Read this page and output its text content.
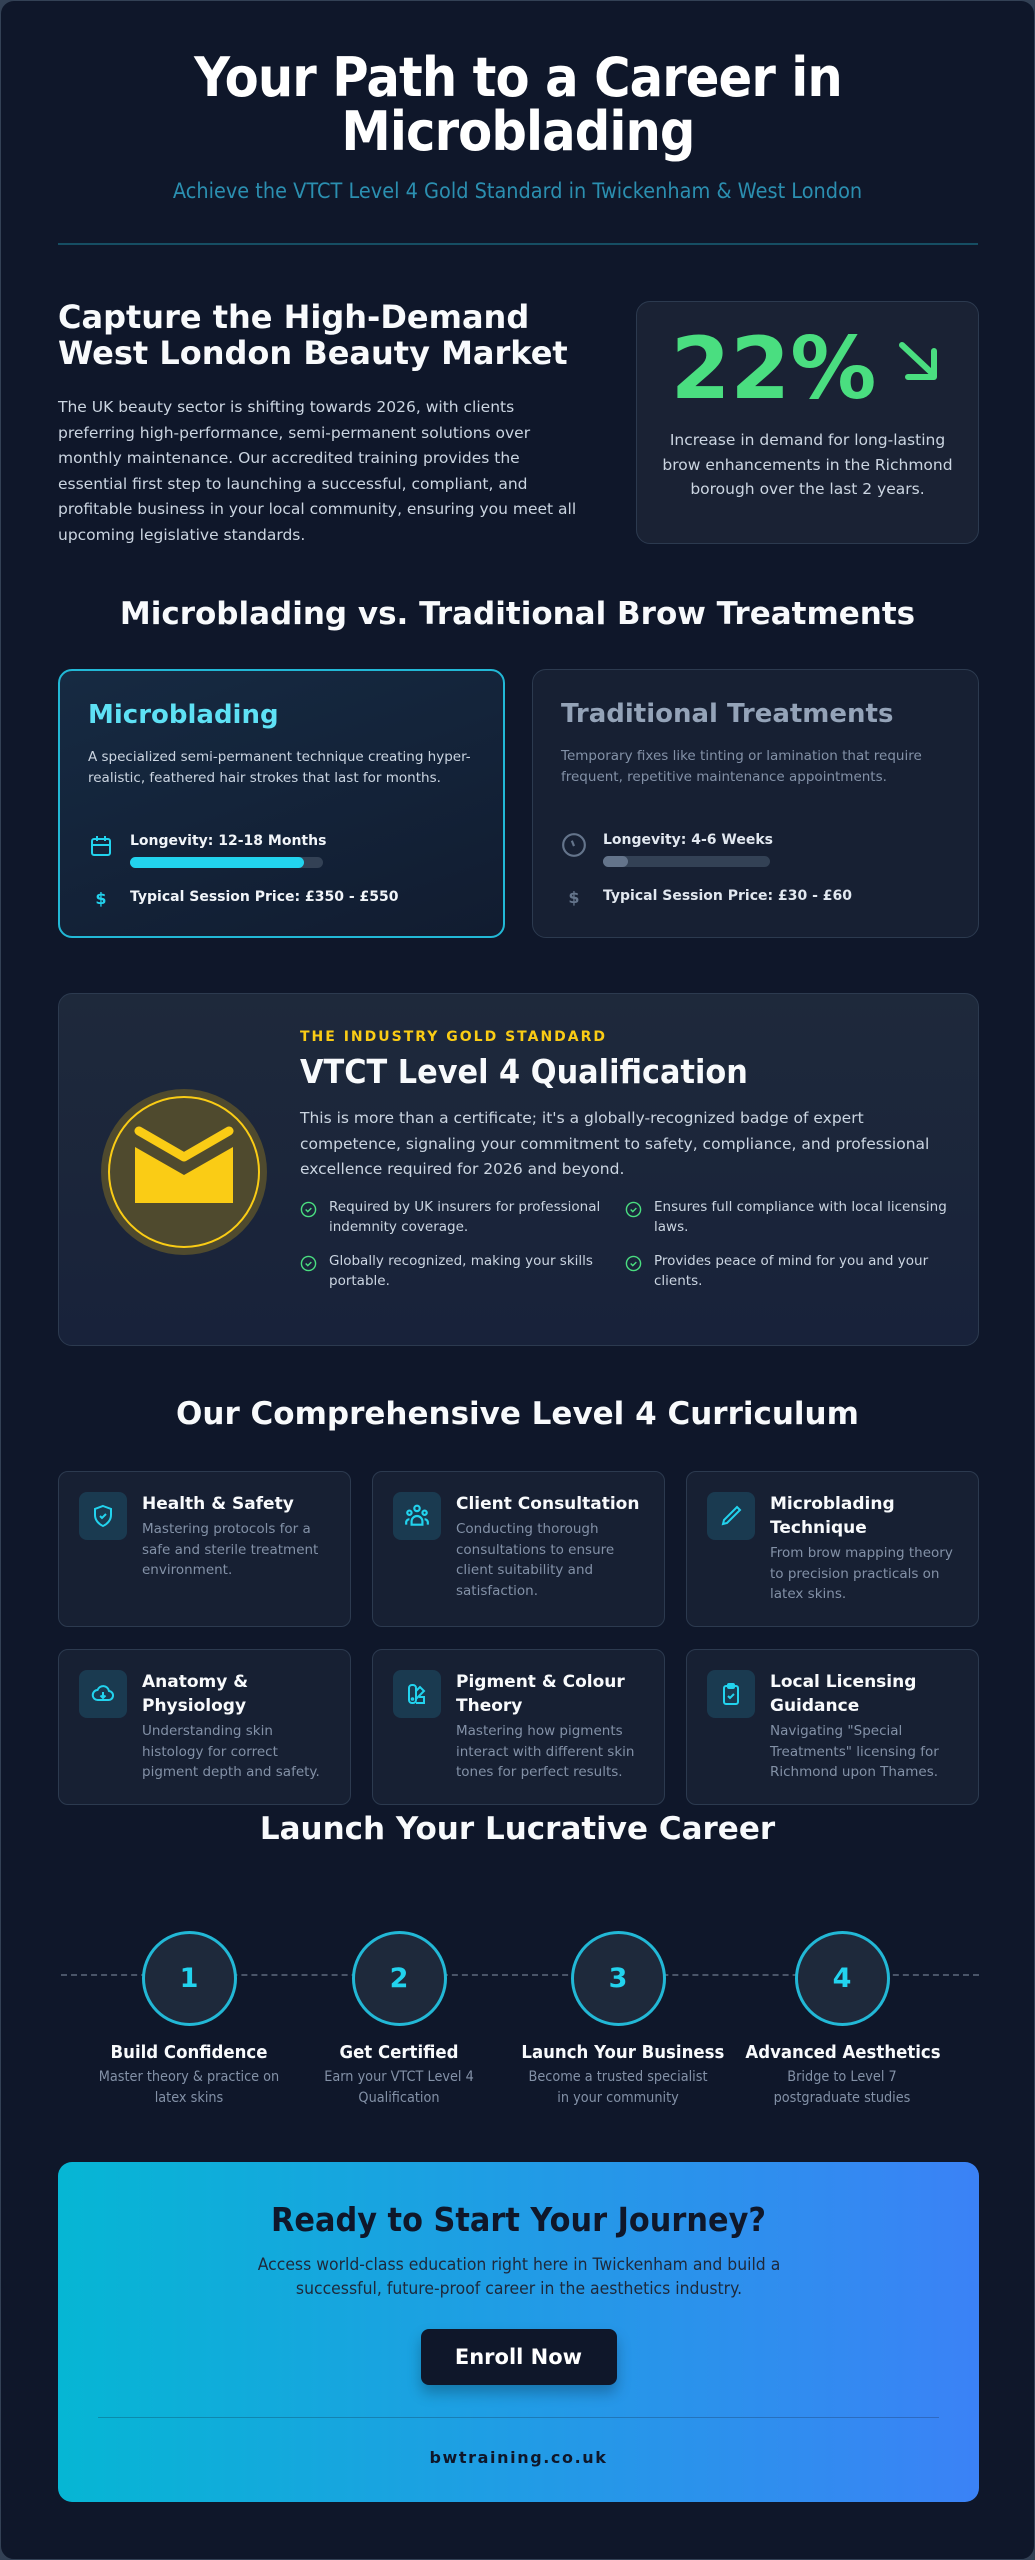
Your Path to a Career in Microblading
Achieve the VTCT Level 4 Gold Standard in Twickenham & West London
Capture the High-Demand West London Beauty Market

The UK beauty sector is shifting towards 2026, with clients preferring high-performance, semi-permanent solutions over monthly maintenance. Our accredited training provides the essential first step to launching a successful, compliant, and profitable business in your local community, ensuring you meet all upcoming legislative standards.

22%
Increase in demand for long-lasting brow enhancements in the Richmond borough over the last 2 years.
Microblading vs. Traditional Brow Treatments
Microblading
A specialized semi-permanent technique creating hyper-realistic, feathered hair strokes that last for months.
Longevity: 12-18 Months
$	Typical Session Price: £350 - £550
Traditional Treatments
Temporary fixes like tinting or lamination that require frequent, repetitive maintenance appointments.
Longevity: 4-6 Weeks
$	Typical Session Price: £30 - £60
THE INDUSTRY GOLD STANDARD
VTCT Level 4 Qualification

This is more than a certificate; it's a globally-recognized badge of expert competence, signaling your commitment to safety, compliance, and professional excellence required for 2026 and beyond.

Required by UK insurers for professional indemnity coverage.
Ensures full compliance with local licensing laws.
Globally recognized, making your skills portable.
Provides peace of mind for you and your clients.
Our Comprehensive Level 4 Curriculum
Health & Safety

Mastering protocols for a safe and sterile treatment environment.

Client Consultation

Conducting thorough consultations to ensure client suitability and satisfaction.

Microblading Technique

From brow mapping theory to precision practicals on latex skins.

Anatomy & Physiology

Understanding skin histology for correct pigment depth and safety.

Pigment & Colour Theory

Mastering how pigments interact with different skin tones for perfect results.

Local Licensing Guidance

Navigating "Special Treatments" licensing for Richmond upon Thames.

Launch Your Lucrative Career
1
Build Confidence

Master theory & practice on latex skins

2
Get Certified

Earn your VTCT Level 4 Qualification

3
Launch Your Business

Become a trusted specialist in your community

4
Advanced Aesthetics

Bridge to Level 7 postgraduate studies

Ready to Start Your Journey?

Access world-class education right here in Twickenham and build a successful, future-proof career in the aesthetics industry.

Enroll Now
bwtraining.co.uk
